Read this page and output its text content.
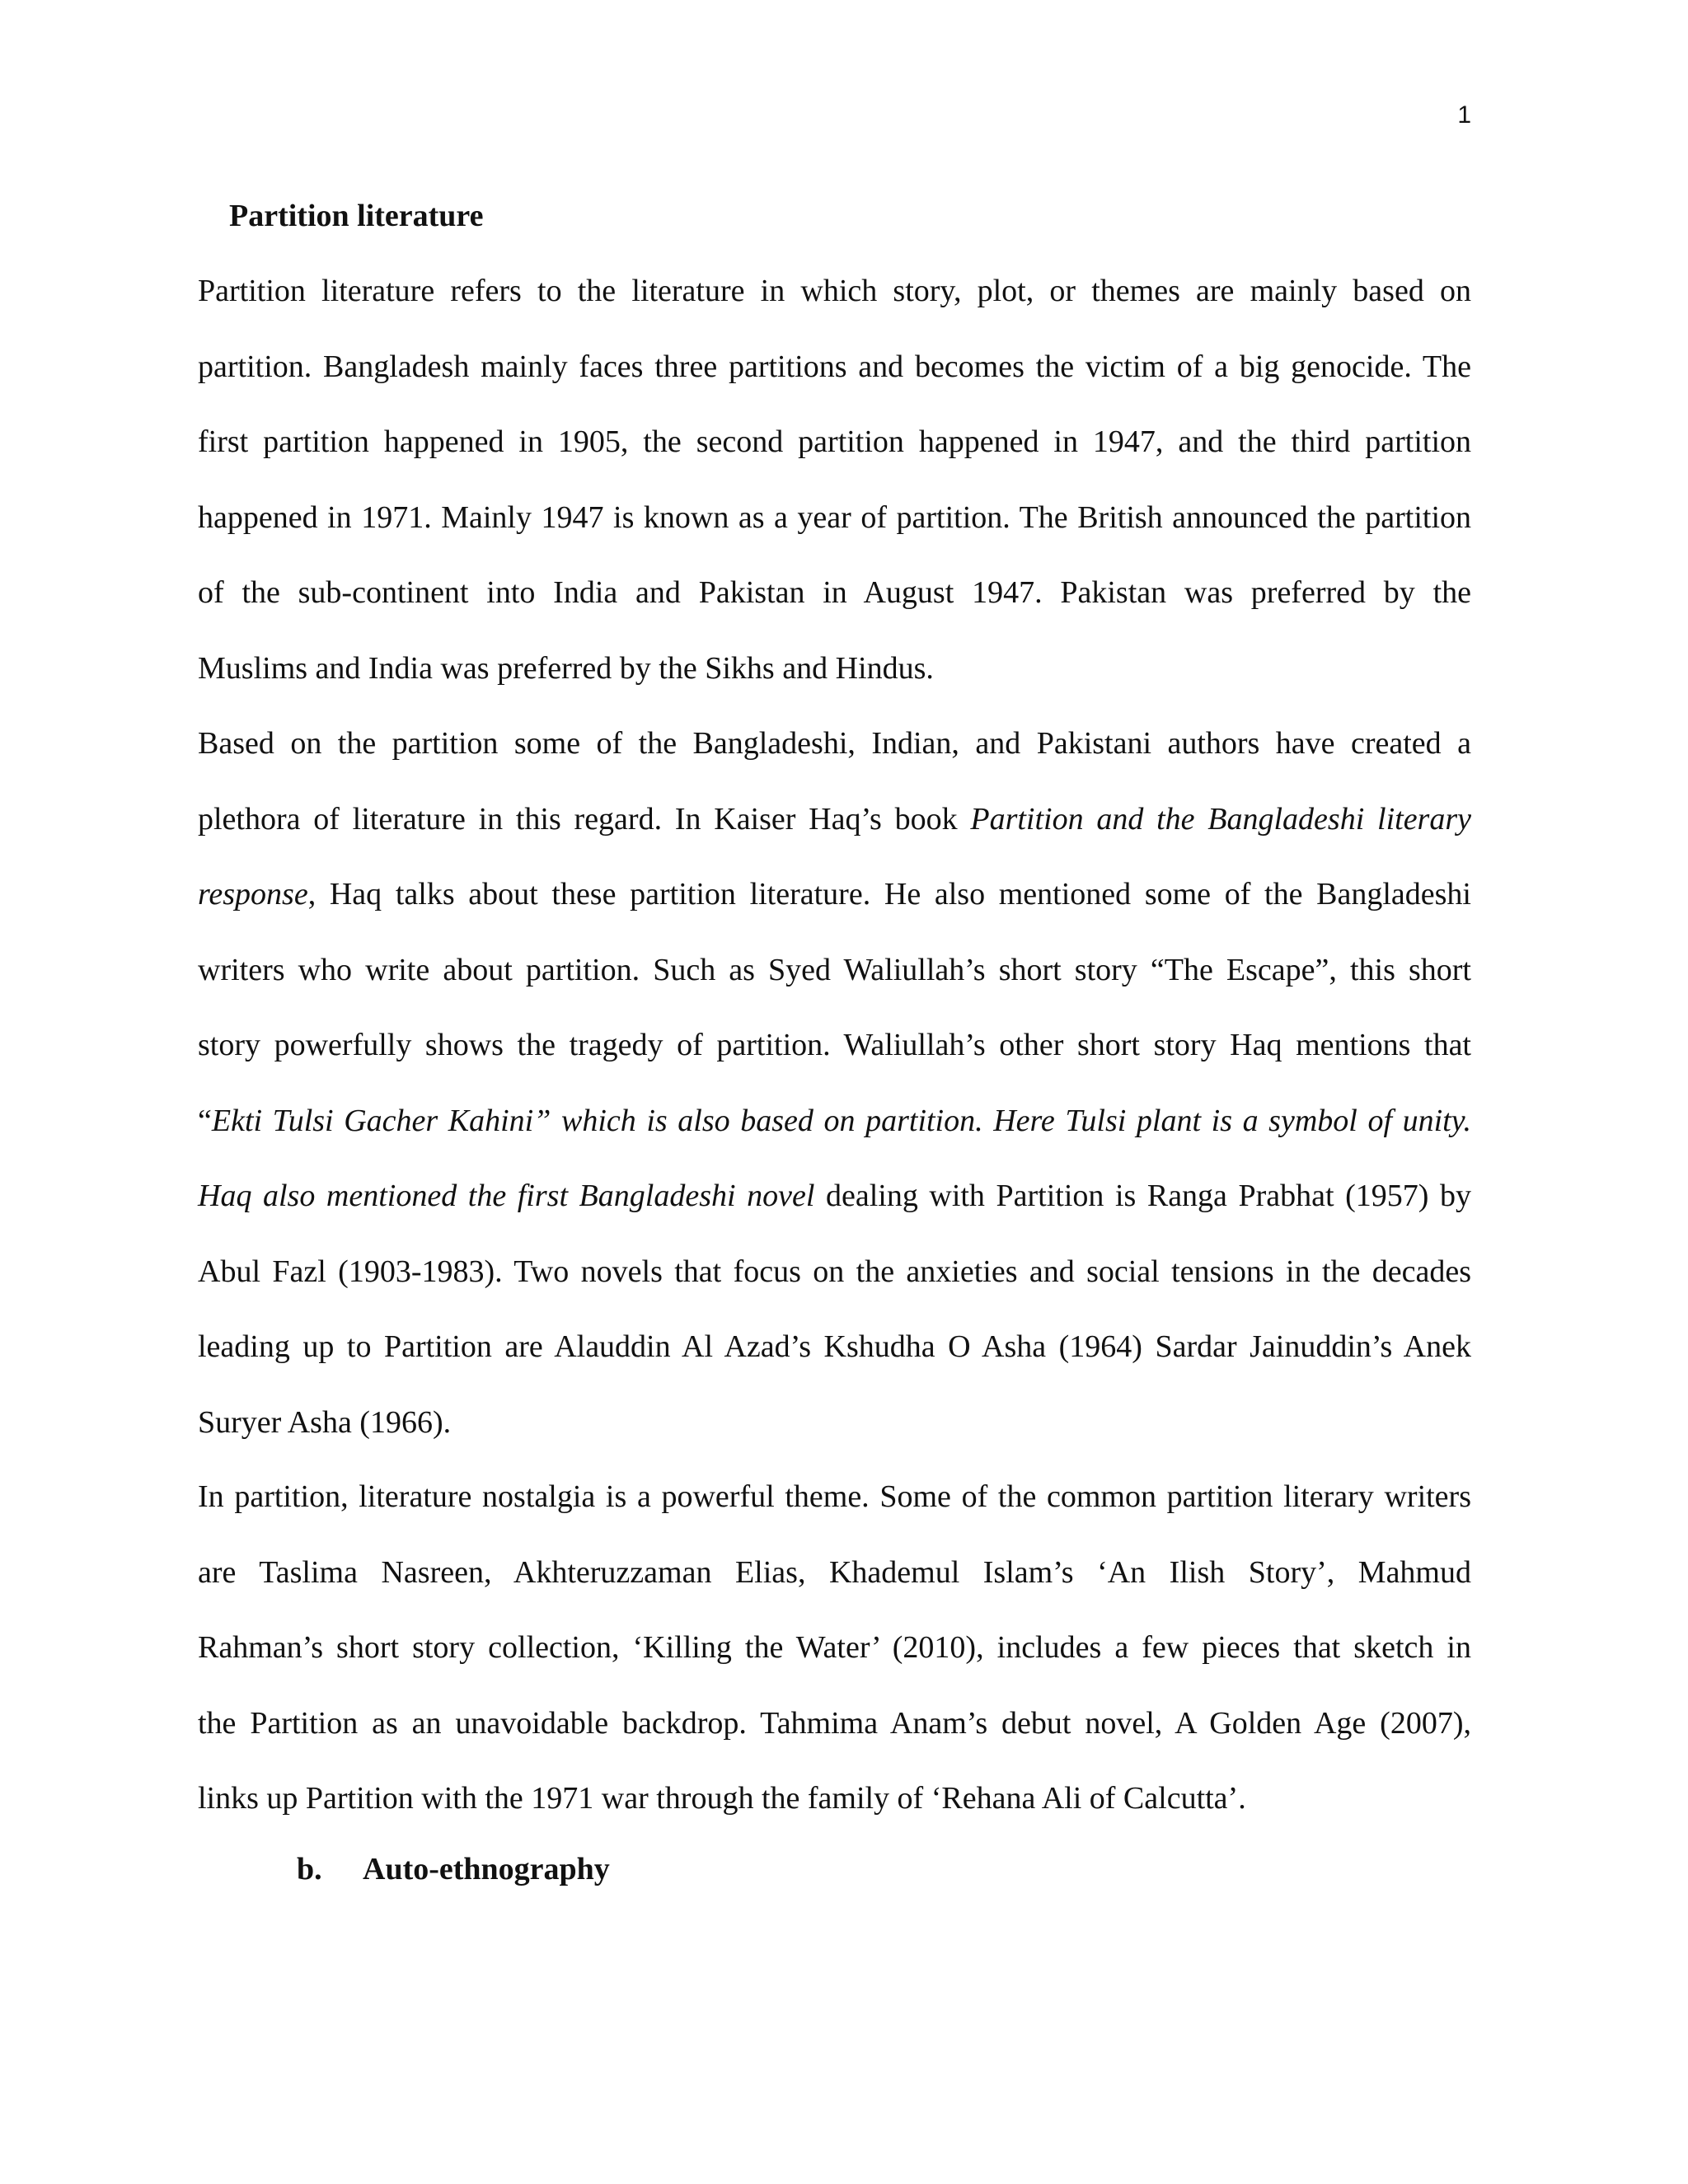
1
Partition literature
Partition literature refers to the literature in which story, plot, or themes are mainly based on
partition. Bangladesh mainly faces three partitions and becomes the victim of a big genocide. The
first partition happened in 1905, the second partition happened in 1947, and the third partition
happened in 1971. Mainly 1947 is known as a year of partition. The British announced the partition
of the sub-continent into India and Pakistan in August 1947. Pakistan was preferred by the
Muslims and India was preferred by the Sikhs and Hindus.
Based on the partition some of the Bangladeshi, Indian, and Pakistani authors have created a
plethora of literature in this regard. In Kaiser Haq’s book Partition and the Bangladeshi literary
response, Haq talks about these partition literature. He also mentioned some of the Bangladeshi
writers who write about partition. Such as Syed Waliullah’s short story “The Escape”, this short
story powerfully shows the tragedy of partition. Waliullah’s other short story Haq mentions that
“Ekti Tulsi Gacher Kahini” which is also based on partition. Here Tulsi plant is a symbol of unity.
Haq also mentioned the first Bangladeshi novel dealing with Partition is Ranga Prabhat (1957) by
Abul Fazl (1903-1983). Two novels that focus on the anxieties and social tensions in the decades
leading up to Partition are Alauddin Al Azad’s Kshudha O Asha (1964) Sardar Jainuddin’s Anek
Suryer Asha (1966).
In partition, literature nostalgia is a powerful theme. Some of the common partition literary writers
are Taslima Nasreen, Akhteruzzaman Elias, Khademul Islam’s ‘An Ilish Story’, Mahmud
Rahman’s short story collection, ‘Killing the Water’ (2010), includes a few pieces that sketch in
the Partition as an unavoidable backdrop. Tahmima Anam’s debut novel, A Golden Age (2007),
links up Partition with the 1971 war through the family of ‘Rehana Ali of Calcutta’.
b. Auto-ethnography
